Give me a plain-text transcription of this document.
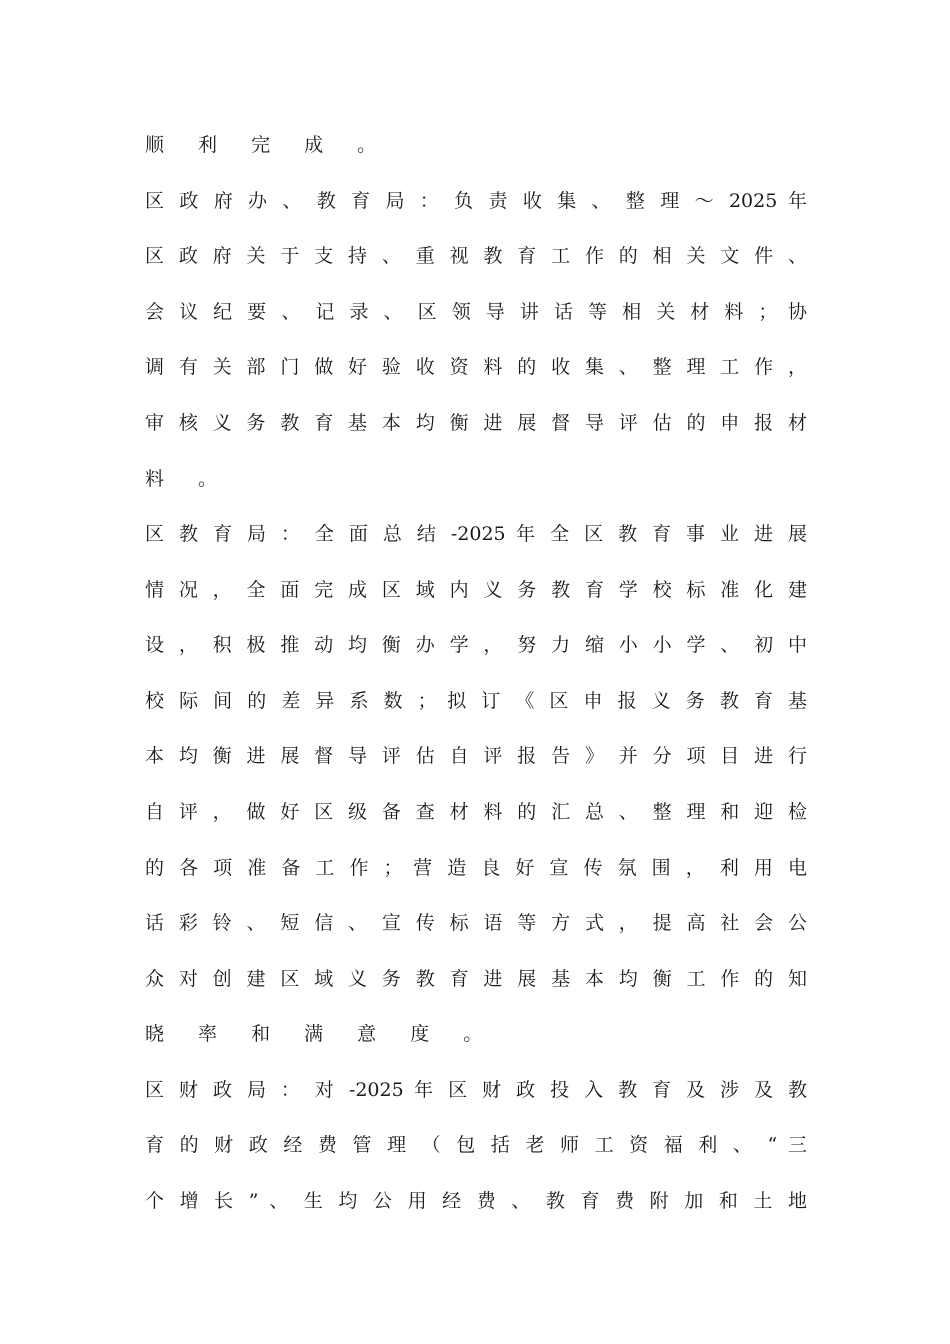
顺 利 完 成 。
区 政 府 办 、 教 育 局 ： 负 责 收 集 、 整 理 ～ 2025 年
区 政 府 关 于 支 持 、 重 视 教 育 工 作 的 相 关 文 件 、
会 议 纪 要 、 记 录 、 区 领 导 讲 话 等 相 关 材 料 ； 协
调 有 关 部 门 做 好 验 收 资 料 的 收 集 、 整 理 工 作 ，
审 核 义 务 教 育 基 本 均 衡 进 展 督 导 评 估 的 申 报 材
料 。
区 教 育 局 ： 全 面 总 结 -2025 年 全 区 教 育 事 业 进 展
情 况 ， 全 面 完 成 区 域 内 义 务 教 育 学 校 标 准 化 建
设 ， 积 极 推 动 均 衡 办 学 ， 努 力 缩 小 小 学 、 初 中
校 际 间 的 差 异 系 数 ； 拟 订 《 区 申 报 义 务 教 育 基
本 均 衡 进 展 督 导 评 估 自 评 报 告 》 并 分 项 目 进 行
自 评 ， 做 好 区 级 备 查 材 料 的 汇 总 、 整 理 和 迎 检
的 各 项 准 备 工 作 ； 营 造 良 好 宣 传 氛 围 ， 利 用 电
话 彩 铃 、 短 信 、 宣 传 标 语 等 方 式 ， 提 高 社 会 公
众 对 创 建 区 域 义 务 教 育 进 展 基 本 均 衡 工 作 的 知
晓 率 和 满 意 度 。
区 财 政 局 ： 对 -2025 年 区 财 政 投 入 教 育 及 涉 及 教
育 的 财 政 经 费 管 理 （ 包 括 老 师 工 资 福 利 、 “ 三
个 增 长 ” 、 生 均 公 用 经 费 、 教 育 费 附 加 和 土 地
